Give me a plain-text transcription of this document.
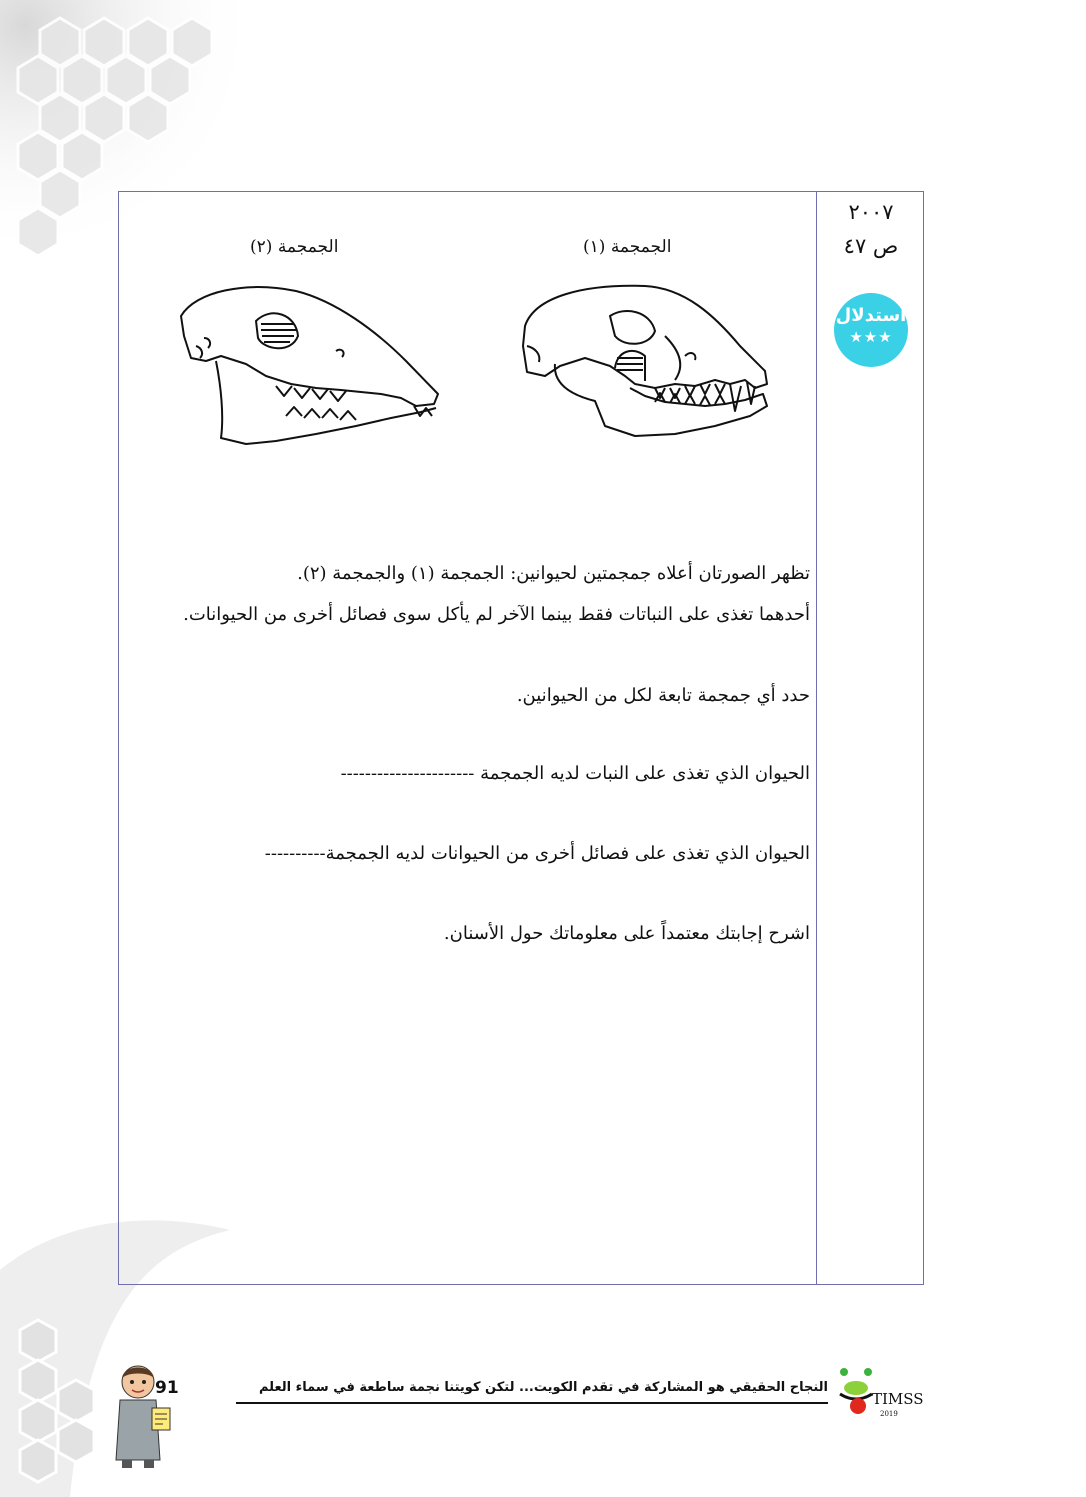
٢٠٠٧
ص ٤٧
استدلال
★★★
الجمجمة (١)
الجمجمة (٢)
تظهر الصورتان أعلاه جمجمتين لحيوانين: الجمجمة (١) والجمجمة (٢).
أحدهما تغذى على النباتات فقط بينما الآخر لم يأكل سوى فصائل أخرى من الحيوانات.
حدد أي جمجمة تابعة لكل من الحيوانين.
الحيوان الذي تغذى على النبات لديه الجمجمة ----------------------
الحيوان الذي تغذى على فصائل أخرى من الحيوانات لديه الجمجمة----------
اشرح إجابتك معتمداً على معلوماتك حول الأسنان.
النجاح الحقيقي هو المشاركة في تقدم الكويت... لتكن كويتنا نجمة ساطعة في سماء العلم
91
TIMSS
2019
